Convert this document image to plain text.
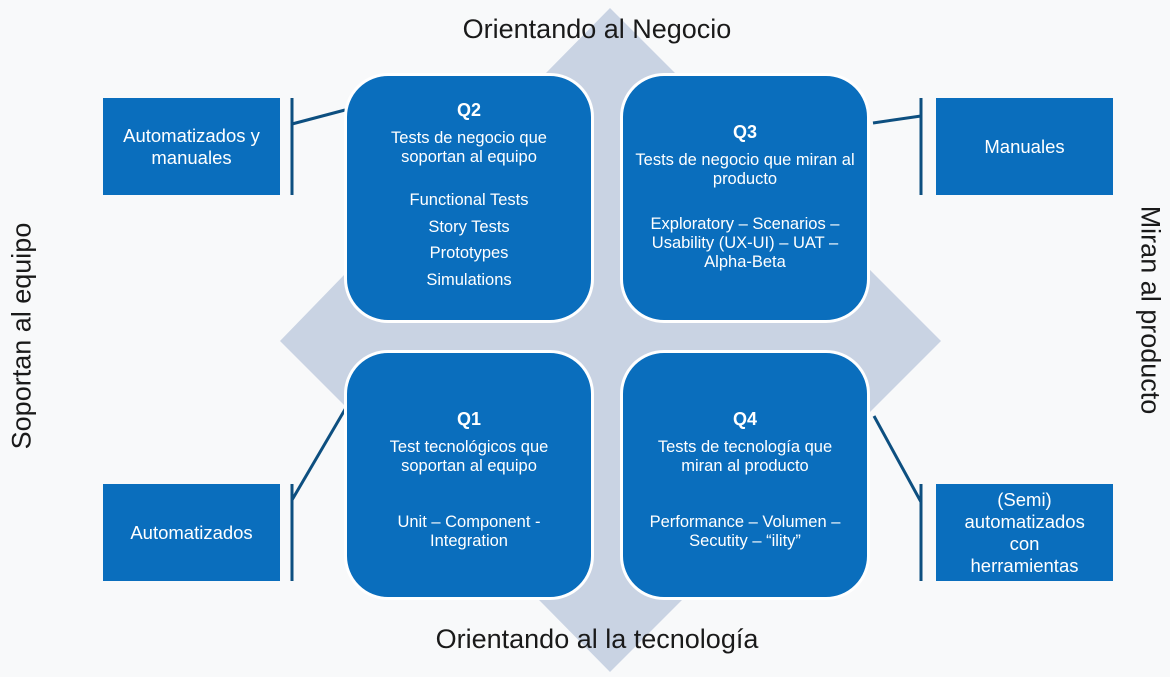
Orientando al Negocio
Orientando al la tecnología
Soportan al equipo	Miran al producto
Q2
Tests de negocio que soportan al equipo
Functional Tests
Story Tests
Prototypes
Simulations
Q3
Tests de negocio que miran al producto
Exploratory – Scenarios – Usability (UX-UI) – UAT – Alpha-Beta
Q1
Test tecnológicos que soportan al equipo
Unit – Component - Integration
Q4
Tests de tecnología que miran al producto
Performance – Volumen – Secutity – “ility”
Automatizados y manuales
Automatizados
Manuales
(Semi) automatizados con herramientas
